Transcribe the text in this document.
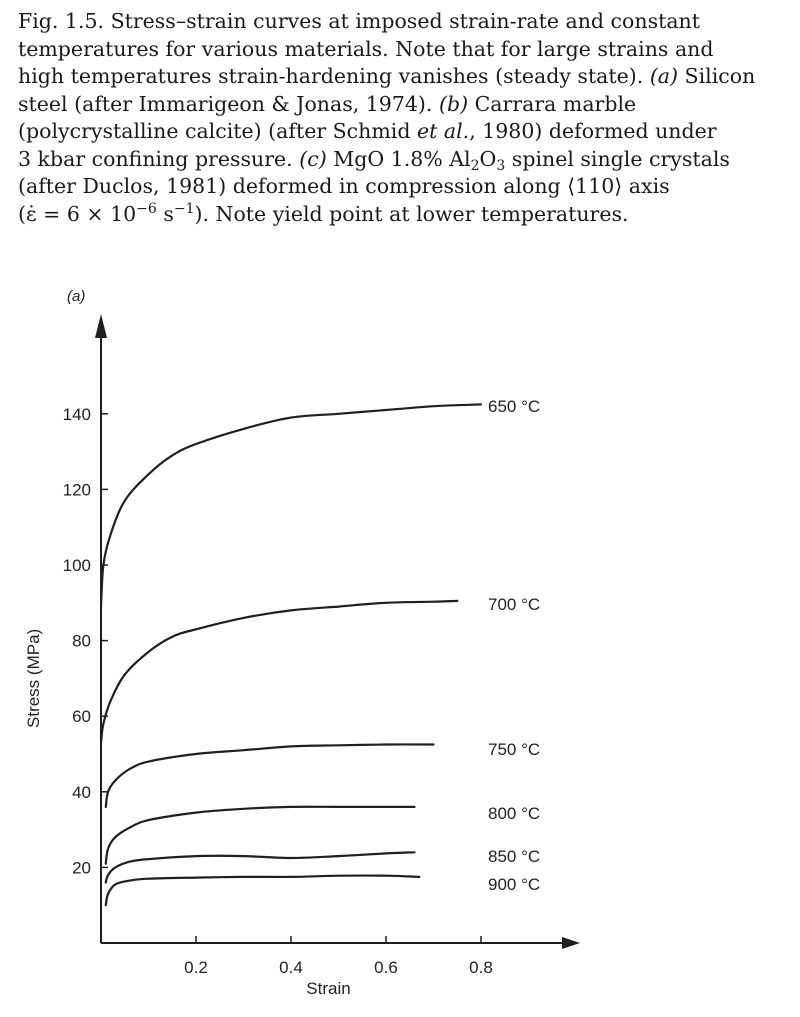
Fig. 1.5. Stress–strain curves at imposed strain-rate and constant
temperatures for various materials. Note that for large strains and
high temperatures strain-hardening vanishes (steady state). (a) Silicon
steel (after Immarigeon & Jonas, 1974). (b) Carrara marble
(polycrystalline calcite) (after Schmid et al., 1980) deformed under
3 kbar confining pressure. (c) MgO 1.8% $Al_2O_3$ spinel single crystals
(after Duclos, 1981) deformed in compression along ⟨110⟩ axis
(ε̇ = $6 \times 10^{-6}$ $s^{-1}$). Note yield point at lower temperatures.
20
40
60
80
100
120
140
0.2	0.4	0.6	0.8
Strain
Stress (MPa)
(a)
650 °C
700 °C
750 °C
800 °C
850 °C
900 °C
